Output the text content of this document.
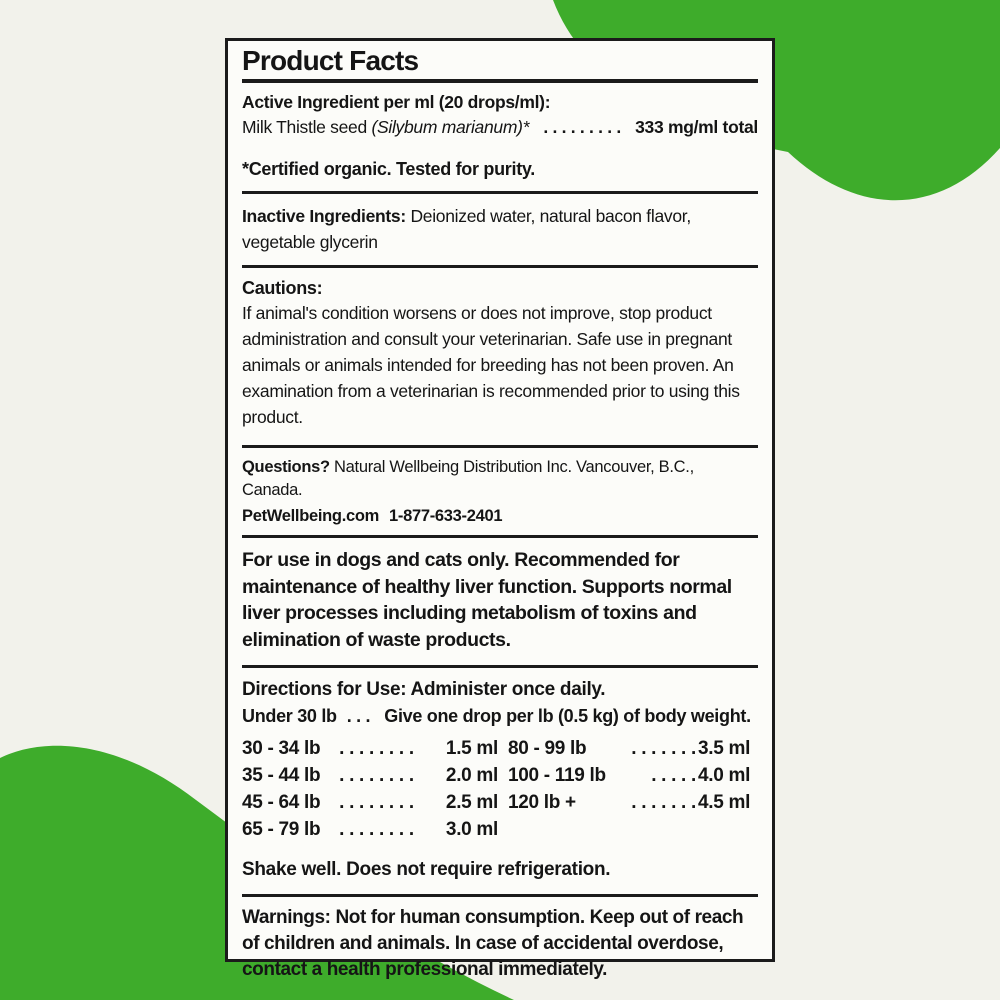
Product Facts
Active Ingredient per ml (20 drops/ml):
Milk Thistle seed
(Silybum marianum)* . . . . . . . . . 333 mg/ml total
*Certified organic. Tested for purity.

Inactive Ingredients: Deionized water, natural bacon flavor, vegetable glycerin

Cautions:
If animal's condition worsens or does not improve, stop product administration and consult your veterinarian. Safe use in pregnant animals or animals intended for breeding has not been proven. An examination from a veterinarian is recommended prior to using this product.

Questions? Natural Wellbeing Distribution Inc. Vancouver, B.C., Canada.

PetWellbeing.com 1-877-633-2401

For use in dogs and cats only. Recommended for maintenance of healthy liver function. Supports normal liver processes including metabolism of toxins and elimination of waste products.

Directions for Use: Administer once daily.
Under 30 lb . . . Give one drop per lb (0.5 kg) of body weight.
30 - 34 lb . . . . . . . .	1.5 ml
35 - 44 lb . . . . . . . .	2.0 ml
45 - 64 lb . . . . . . . .	2.5 ml
65 - 79 lb . . . . . . . .	3.0 ml
80 - 99 lb	. . . . . . . 3.5 ml
100 - 119 lb	. . . . . 4.0 ml
120 lb +	. . . . . . . 4.5 ml

Shake well. Does not require refrigeration.

Warnings: Not for human consumption. Keep out of reach of children and animals. In case of accidental overdose, contact a health professional immediately.
